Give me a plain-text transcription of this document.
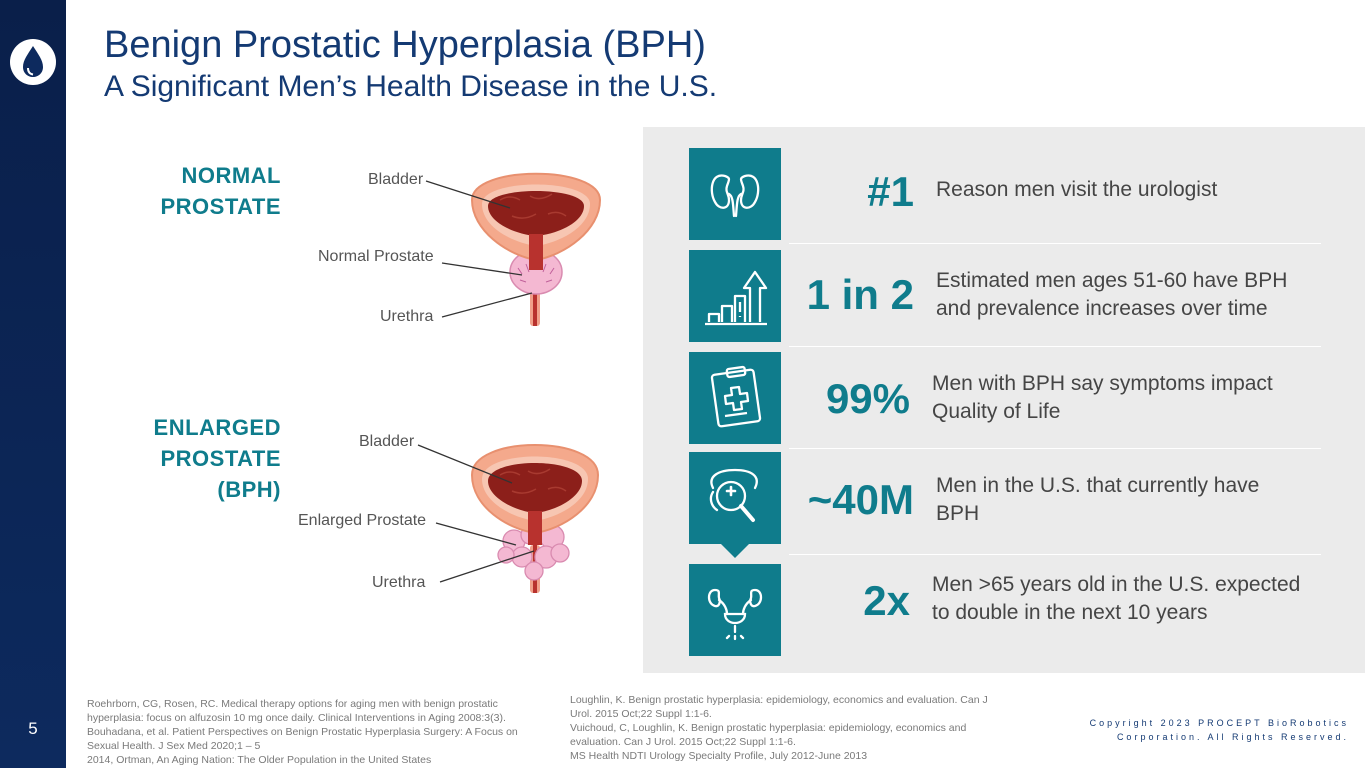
5
Benign Prostatic Hyperplasia (BPH)
A Significant Men’s Health Disease in the U.S.
NORMAL
PROSTATE
Bladder
Normal Prostate
Urethra
ENLARGED
PROSTATE
(BPH)
Bladder
Enlarged Prostate
Urethra
#1 Reason men visit the urologist
1 in 2 Estimated men ages 51-60 have BPH
and prevalence increases over time
99% Men with BPH say symptoms impact
Quality of Life
~40M Men in the U.S. that currently have
BPH
2x Men >65 years old in the U.S. expected
to double in the next 10 years
Roehrborn, CG, Rosen, RC. Medical therapy options for aging men with benign prostatic
hyperplasia: focus on alfuzosin 10 mg once daily. Clinical Interventions in Aging 2008:3(3).
Bouhadana, et al. Patient Perspectives on Benign Prostatic Hyperplasia Surgery: A Focus on
Sexual Health. J Sex Med 2020;1 – 5
2014, Ortman, An Aging Nation: The Older Population in the United States
Loughlin, K. Benign prostatic hyperplasia: epidemiology, economics and evaluation. Can J
Urol. 2015 Oct;22 Suppl 1:1-6.
Vuichoud, C, Loughlin, K. Benign prostatic hyperplasia: epidemiology, economics and
evaluation. Can J Urol. 2015 Oct;22 Suppl 1:1-6.
MS Health NDTI Urology Specialty Profile, July 2012-June 2013
Copyright 2023 PROCEPT BioRobotics
Corporation. All Rights Reserved.
